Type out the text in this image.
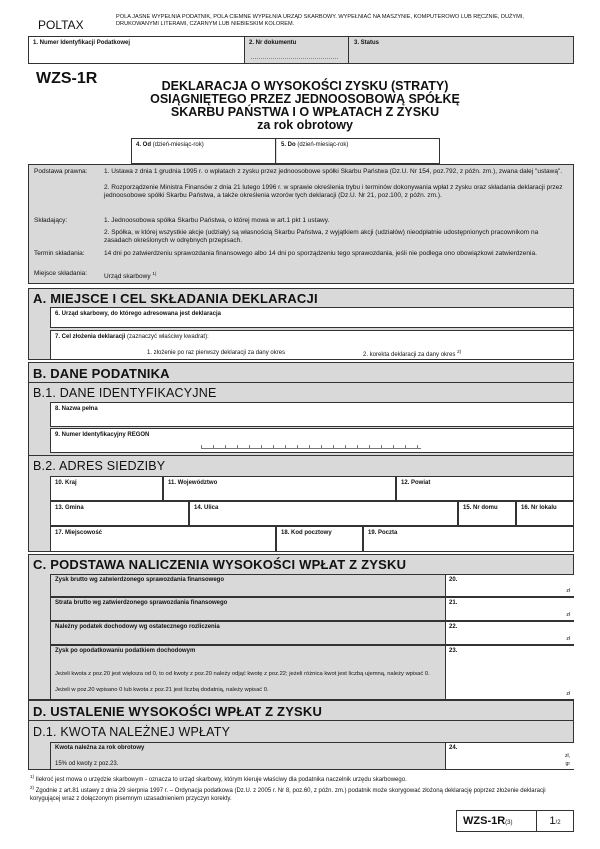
POLTAX
POLA JASNE WYPEŁNIA PODATNIK, POLA CIEMNE WYPEŁNIA URZĄD SKARBOWY. WYPEŁNIAĆ NA MASZYNIE, KOMPUTEROWO LUB RĘCZNIE, DUŻYMI, DRUKOWANYMI LITERAMI, CZARNYM LUB NIEBIESKIM KOLOREM.
1. Numer Identyfikacji Podatkowej	2. Nr dokumentu	3. Status
WZS-1R	DEKLARACJA O WYSOKOŚCI ZYSKU (STRATY)
OSIĄGNIĘTEGO PRZEZ JEDNOOSOBOWĄ SPÓŁKĘ
SKARBU PAŃSTWA I O WPŁATACH Z ZYSKU
za rok obrotowy
4. Od (dzień-miesiąc-rok)	5. Do (dzień-miesiąc-rok)
Podstawa prawna:	1. Ustawa z dnia 1 grudnia 1995 r. o wpłatach z zysku przez jednoosobowe spółki Skarbu Państwa (Dz.U. Nr 154, poz.792, z późn. zm.), zwana dalej "ustawą".
2. Rozporządzenie Ministra Finansów z dnia 21 lutego 1996 r. w sprawie określenia trybu i terminów dokonywania wpłat z zysku oraz składania deklaracji przez jednoosobowe spółki Skarbu Państwa, a także określenia wzorów tych deklaracji (Dz.U. Nr 21, poz.100, z późn. zm.).
Składający:	1. Jednoosobowa spółka Skarbu Państwa, o której mowa w art.1 pkt 1 ustawy.
2. Spółka, w której wszystkie akcje (udziały) są własnością Skarbu Państwa, z wyjątkiem akcji (udziałów) nieodpłatnie udostępnionych pracownikom na zasadach określonych w odrębnych przepisach.
Termin składania:	14 dni po zatwierdzeniu sprawozdania finansowego albo 14 dni po sporządzeniu tego sprawozdania, jeśli nie podlega ono obowiązkowi zatwierdzenia.
Miejsce składania:	Urząd skarbowy $^{1)}$
A. MIEJSCE I CEL SKŁADANIA DEKLARACJI
6. Urząd skarbowy, do którego adresowana jest deklaracja
7. Cel złożenia deklaracji (zaznaczyć właściwy kwadrat):
1. złożenie po raz pierwszy deklaracji za dany okres	2. korekta deklaracji za dany okres $^{2)}$
B. DANE PODATNIKA
B.1. DANE IDENTYFIKACYJNE
8. Nazwa pełna
9. Numer Identyfikacyjny REGON
B.2. ADRES SIEDZIBY
10. Kraj	11. Województwo	12. Powiat
13. Gmina	14. Ulica	15. Nr domu	16. Nr lokalu
17. Miejscowość	18. Kod pocztowy	19. Poczta
C. PODSTAWA NALICZENIA WYSOKOŚCI WPŁAT Z ZYSKU
Zysk brutto wg zatwierdzonego sprawozdania finansowego	20.
zł
Strata brutto wg zatwierdzonego sprawozdania finansowego	21.
zł
Należny podatek dochodowy wg ostatecznego rozliczenia	22.
zł
Zysk po opodatkowaniu podatkiem dochodowym
Jeżeli kwota z poz.20 jest większa od 0, to od kwoty z poz.20 należy odjąć kwotę z poz.22; jeżeli różnica kwot jest liczbą ujemną, należy wpisać 0.
Jeżeli w poz.20 wpisano 0 lub kwota z poz.21 jest liczbą dodatnią, należy wpisać 0.
23.
zł
D. USTALENIE WYSOKOŚCI WPŁAT Z ZYSKU
D.1. KWOTA NALEŻNEJ WPŁATY
Kwota należna za rok obrotowy
15% od kwoty z poz.23.
24.
zł,
gr
$^{1)}$ Ilekroć jest mowa o urzędzie skarbowym - oznacza to urząd skarbowy, którym kieruje właściwy dla podatnika naczelnik urzędu skarbowego.
$^{2)}$ Zgodnie z art.81 ustawy z dnia 29 sierpnia 1997 r. – Ordynacja podatkowa (Dz.U. z 2005 r. Nr 8, poz.60, z późn. zm.) podatnik może skorygować złożoną deklarację poprzez złożenie deklaracji korygującej wraz z dołączonym pisemnym uzasadnieniem przyczyn korekty.
WZS-1R(3)	1/2
